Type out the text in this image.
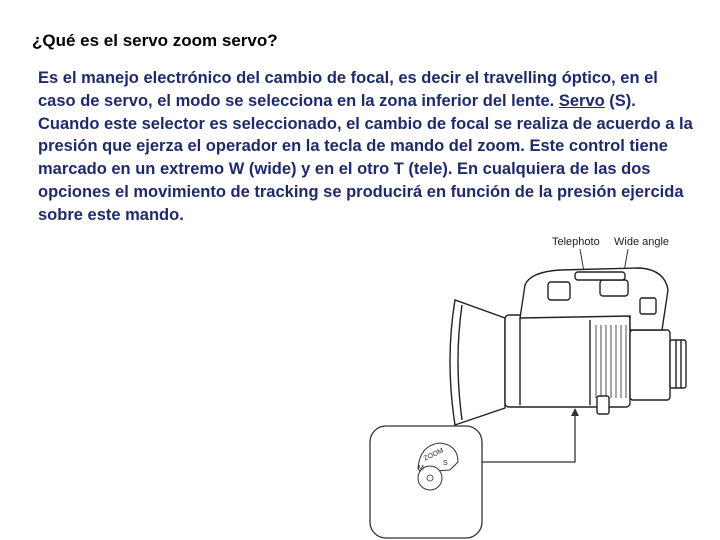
¿Qué es el servo zoom servo?

Es el manejo electrónico del cambio de focal, es decir el travelling óptico, en el caso de servo, el modo se selecciona en la zona inferior del lente. Servo (S). Cuando este selector es seleccionado, el cambio de focal se realiza de acuerdo a la presión que ejerza el operador en la tecla de mando del zoom. Este control tiene marcado en un extremo W (wide) y en el otro T (tele). En cualquiera de las dos opciones el movimiento de tracking se producirá en función de la presión ejercida sobre este mando.

Telephoto Wide angle
ZOOM
S
M
